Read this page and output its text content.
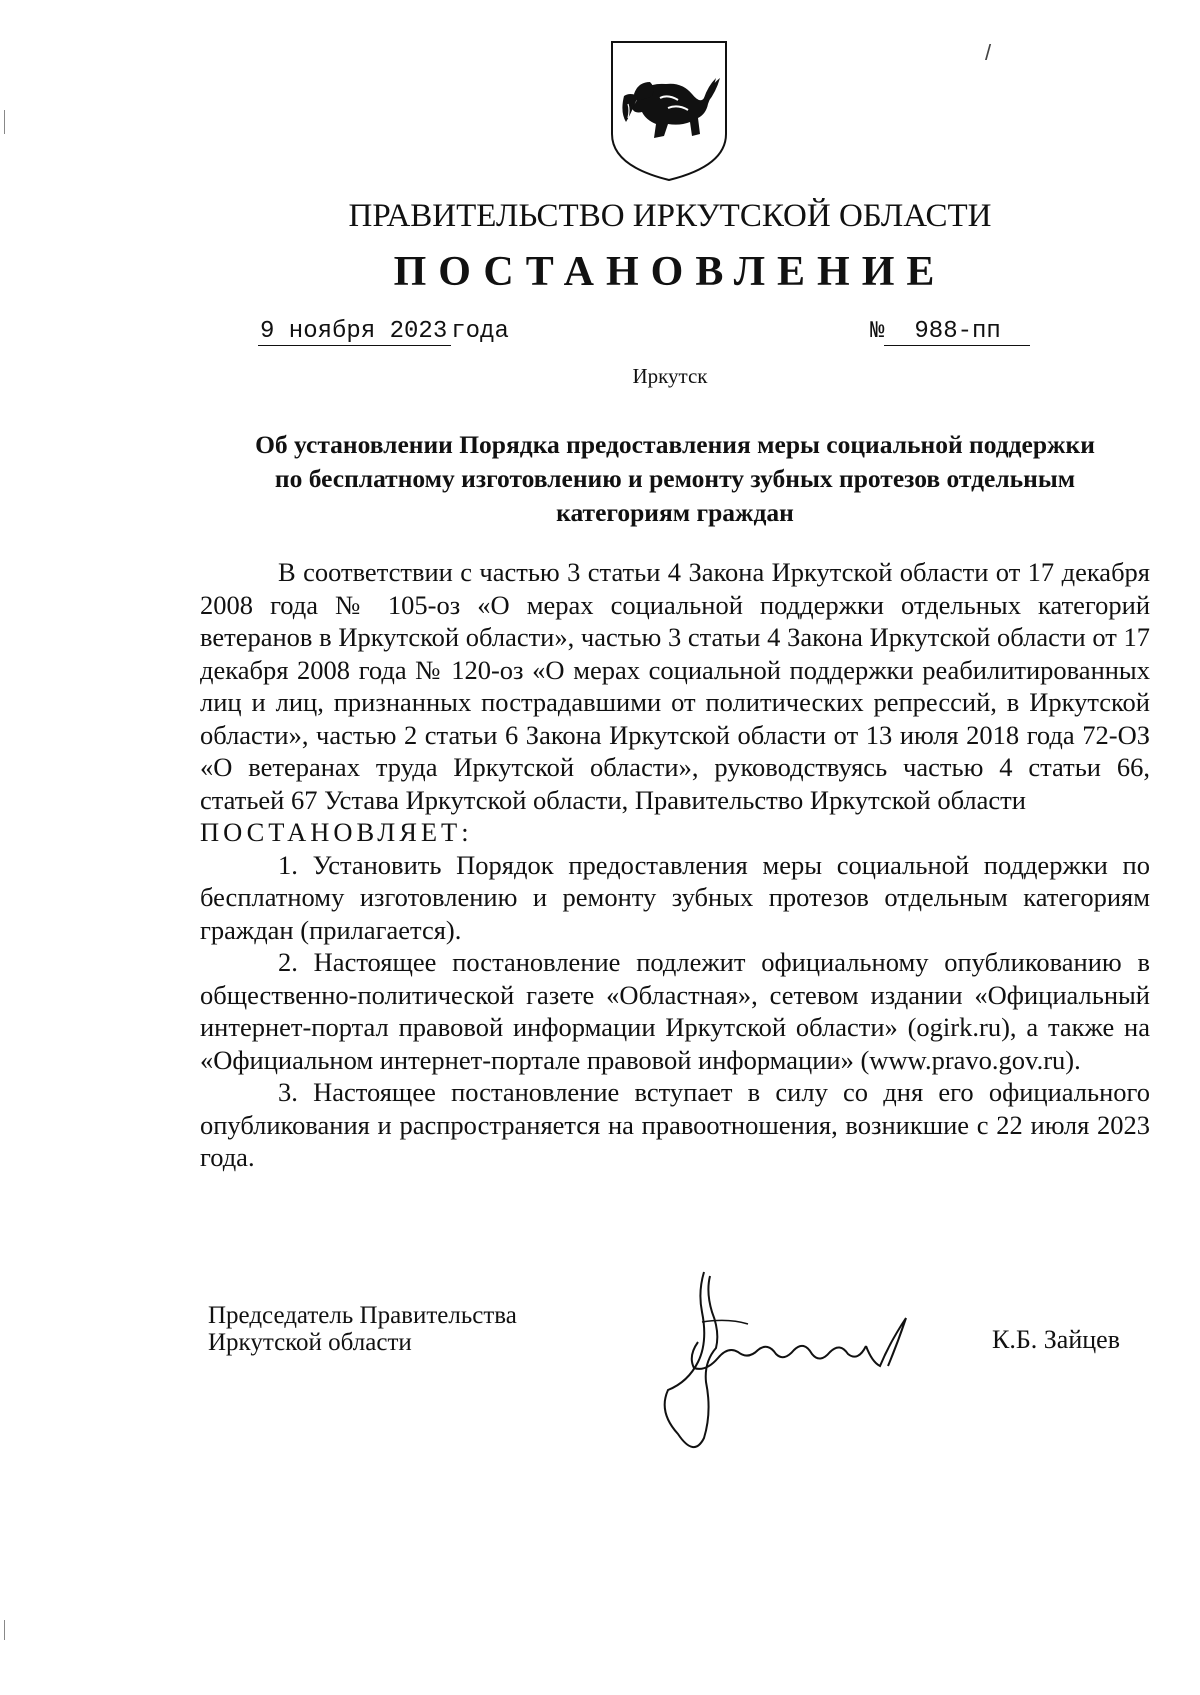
/
ПРАВИТЕЛЬСТВО ИРКУТСКОЙ ОБЛАСТИ
ПОСТАНОВЛЕНИЕ
9 ноября 2023 года	№ 988-пп
Иркутск
Об установлении Порядка предоставления меры социальной поддержки
по бесплатному изготовлению и ремонту зубных протезов отдельным
категориям граждан

В соответствии с частью 3 статьи 4 Закона Иркутской области от 17 декабря 2008 года № 105-оз «О мерах социальной поддержки отдельных категорий ветеранов в Иркутской области», частью 3 статьи 4 Закона Иркутской области от 17 декабря 2008 года № 120-оз «О мерах социальной поддержки реабилитированных лиц и лиц, признанных пострадавшими от политических репрессий, в Иркутской области», частью 2 статьи 6 Закона Иркутской области от 13 июля 2018 года 72-ОЗ «О ветеранах труда Иркутской области», руководствуясь частью 4 статьи 66, статьей 67 Устава Иркутской области, Правительство Иркутской области

ПОСТАНОВЛЯЕТ:

1. Установить Порядок предоставления меры социальной поддержки по бесплатному изготовлению и ремонту зубных протезов отдельным категориям граждан (прилагается).

2. Настоящее постановление подлежит официальному опубликованию в общественно-политической газете «Областная», сетевом издании «Официальный интернет-портал правовой информации Иркутской области» (ogirk.ru), а также на «Официальном интернет-портале правовой информации» (www.pravo.gov.ru).

3. Настоящее постановление вступает в силу со дня его официального опубликования и распространяется на правоотношения, возникшие с 22 июля 2023 года.

Председатель Правительства
Иркутской области	К.Б. Зайцев
